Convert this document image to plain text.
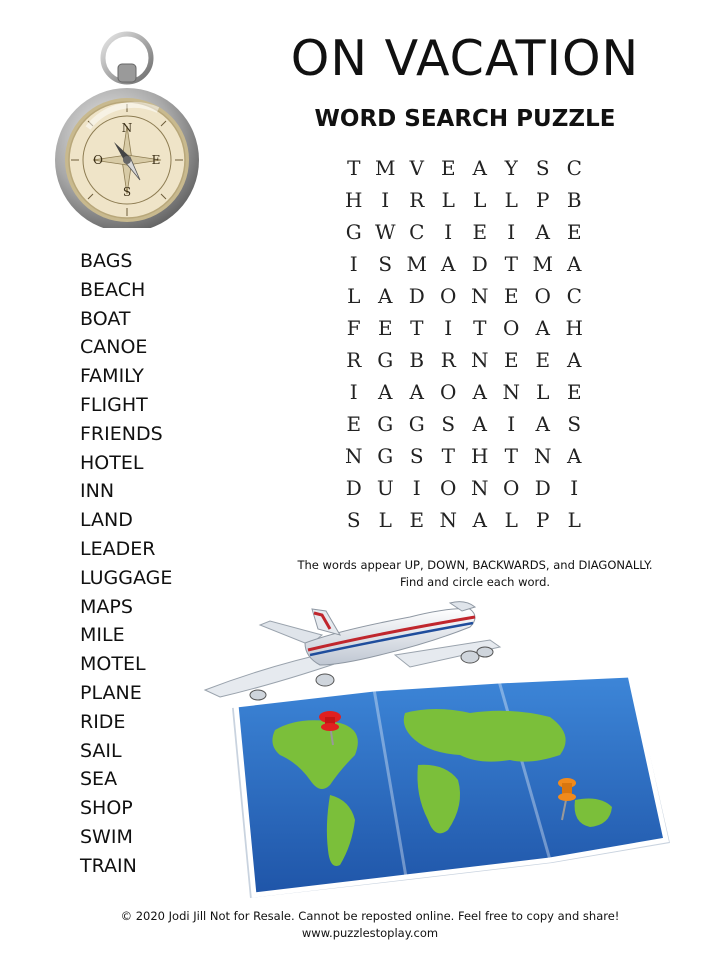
ON VACATION
WORD SEARCH PUZZLE
N
E
S
O	T M V E A Y S C
H I	R L L L P B
G W C I	E	I	A E
I	S M A D T M A
L A D O N E O C
F E T	I	T O A H
R G B R N E E A
I	A A O A N L E
E G G S A	I	A S
N G S T H T N A
D U I O N O D I
S L E N A L P L
BAGS
BEACH
BOAT
CANOE
FAMILY
FLIGHT
FRIENDS
HOTEL
INN
LAND
LEADER
LUGGAGE
MAPS
MILE
MOTEL
PLANE
RIDE
SAIL
SEA
SHOP
SWIM
TRAIN
The words appear UP, DOWN, BACKWARDS, and DIAGONALLY.
Find and circle each word.
© 2020 Jodi Jill Not for Resale. Cannot be reposted online. Feel free to copy and share!
www.puzzlestoplay.com
